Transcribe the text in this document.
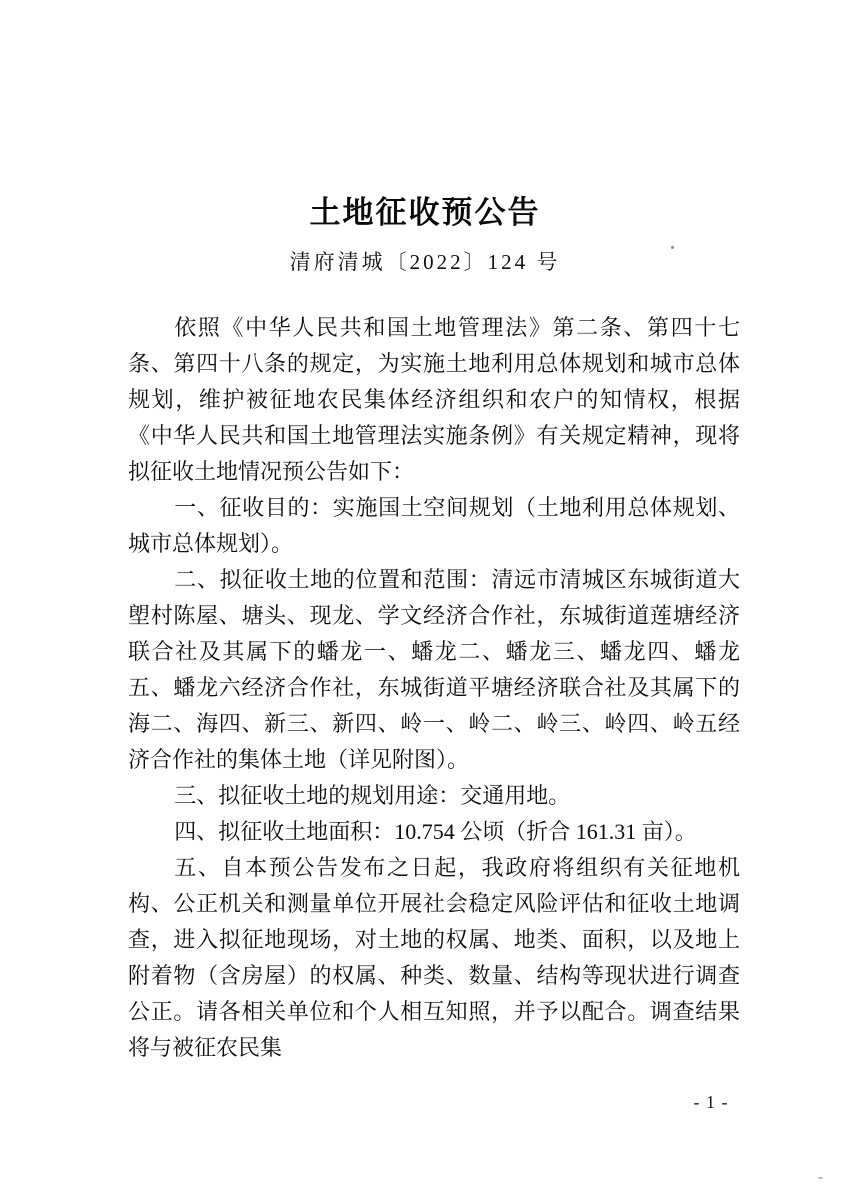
土地征收预公告
清府清城〔2022〕124 号

依照《中华人民共和国土地管理法》第二条、第四十七条、第四十八条的规定，为实施土地利用总体规划和城市总体规划，维护被征地农民集体经济组织和农户的知情权，根据《中华人民共和国土地管理法实施条例》有关规定精神，现将拟征收土地情况预公告如下：

一、征收目的：实施国土空间规划（土地利用总体规划、城市总体规划）。

二、拟征收土地的位置和范围：清远市清城区东城街道大塱村陈屋、塘头、现龙、学文经济合作社，东城街道莲塘经济联合社及其属下的蟠龙一、蟠龙二、蟠龙三、蟠龙四、蟠龙五、蟠龙六经济合作社，东城街道平塘经济联合社及其属下的海二、海四、新三、新四、岭一、岭二、岭三、岭四、岭五经济合作社的集体土地（详见附图）。

三、拟征收土地的规划用途：交通用地。

四、拟征收土地面积：10.754 公顷（折合 161.31 亩）。

五、自本预公告发布之日起，我政府将组织有关征地机构、公正机关和测量单位开展社会稳定风险评估和征收土地调查，进入拟征地现场，对土地的权属、地类、面积，以及地上附着物（含房屋）的权属、种类、数量、结构等现状进行调查公正。请各相关单位和个人相互知照，并予以配合。调查结果将与被征农民集

- 1 -
